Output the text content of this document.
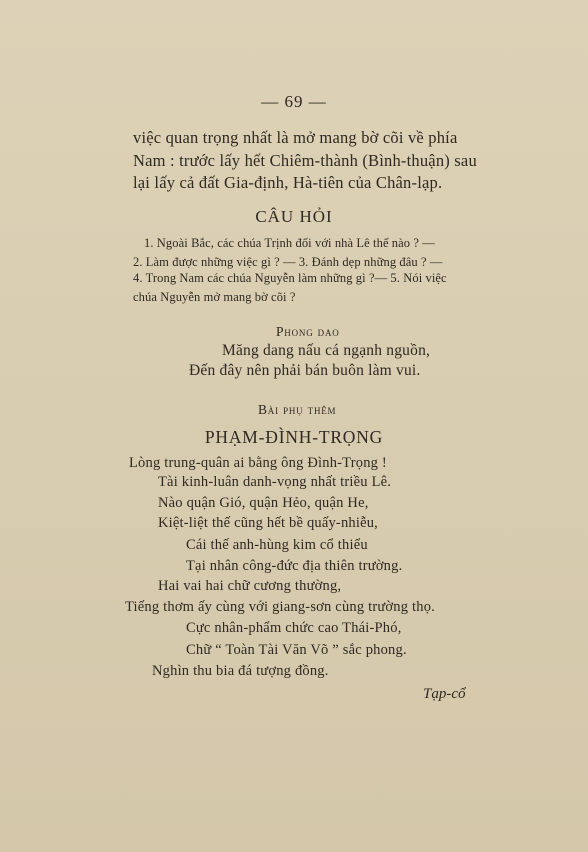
— 69 —
việc quan trọng nhất là mở mang bờ cõi về phía
Nam : trước lấy hết Chiêm-thành (Bình-thuận) sau
lại lấy cả đất Gia-định, Hà-tiên của Chân-lạp.
CÂU HỎI
1. Ngoài Bắc, các chúa Trịnh đối với nhà Lê thế nào ? —
2. Làm được những việc gì ? — 3. Đánh dẹp những đâu ? —
4. Trong Nam các chúa Nguyễn làm những gì ?— 5. Nói việc
chúa Nguyễn mở mang bờ cõi ?
Phong dao
Măng dang nấu cá ngạnh nguồn,
Đến đây nên phải bán buôn làm vui.
Bài phụ thêm
PHẠM-ĐÌNH-TRỌNG
Lòng trung-quân ai bằng ông Đình-Trọng !
Tài kinh-luân danh-vọng nhất triều Lê.
Nào quận Gió, quận Hẻo, quận He,
Kiệt-liệt thế cũng hết bề quấy-nhiễu,
Cái thế anh-hùng kim cổ thiểu
Tại nhân công-đức địa thiên trường.
Hai vai hai chữ cương thường,
Tiếng thơm ấy cùng với giang-sơn cùng trường thọ.
Cực nhân-phẩm chức cao Thái-Phó,
Chữ “ Toàn Tài Văn Võ ” sắc phong.
Nghìn thu bia đá tượng đồng.
Tạp-cổ
